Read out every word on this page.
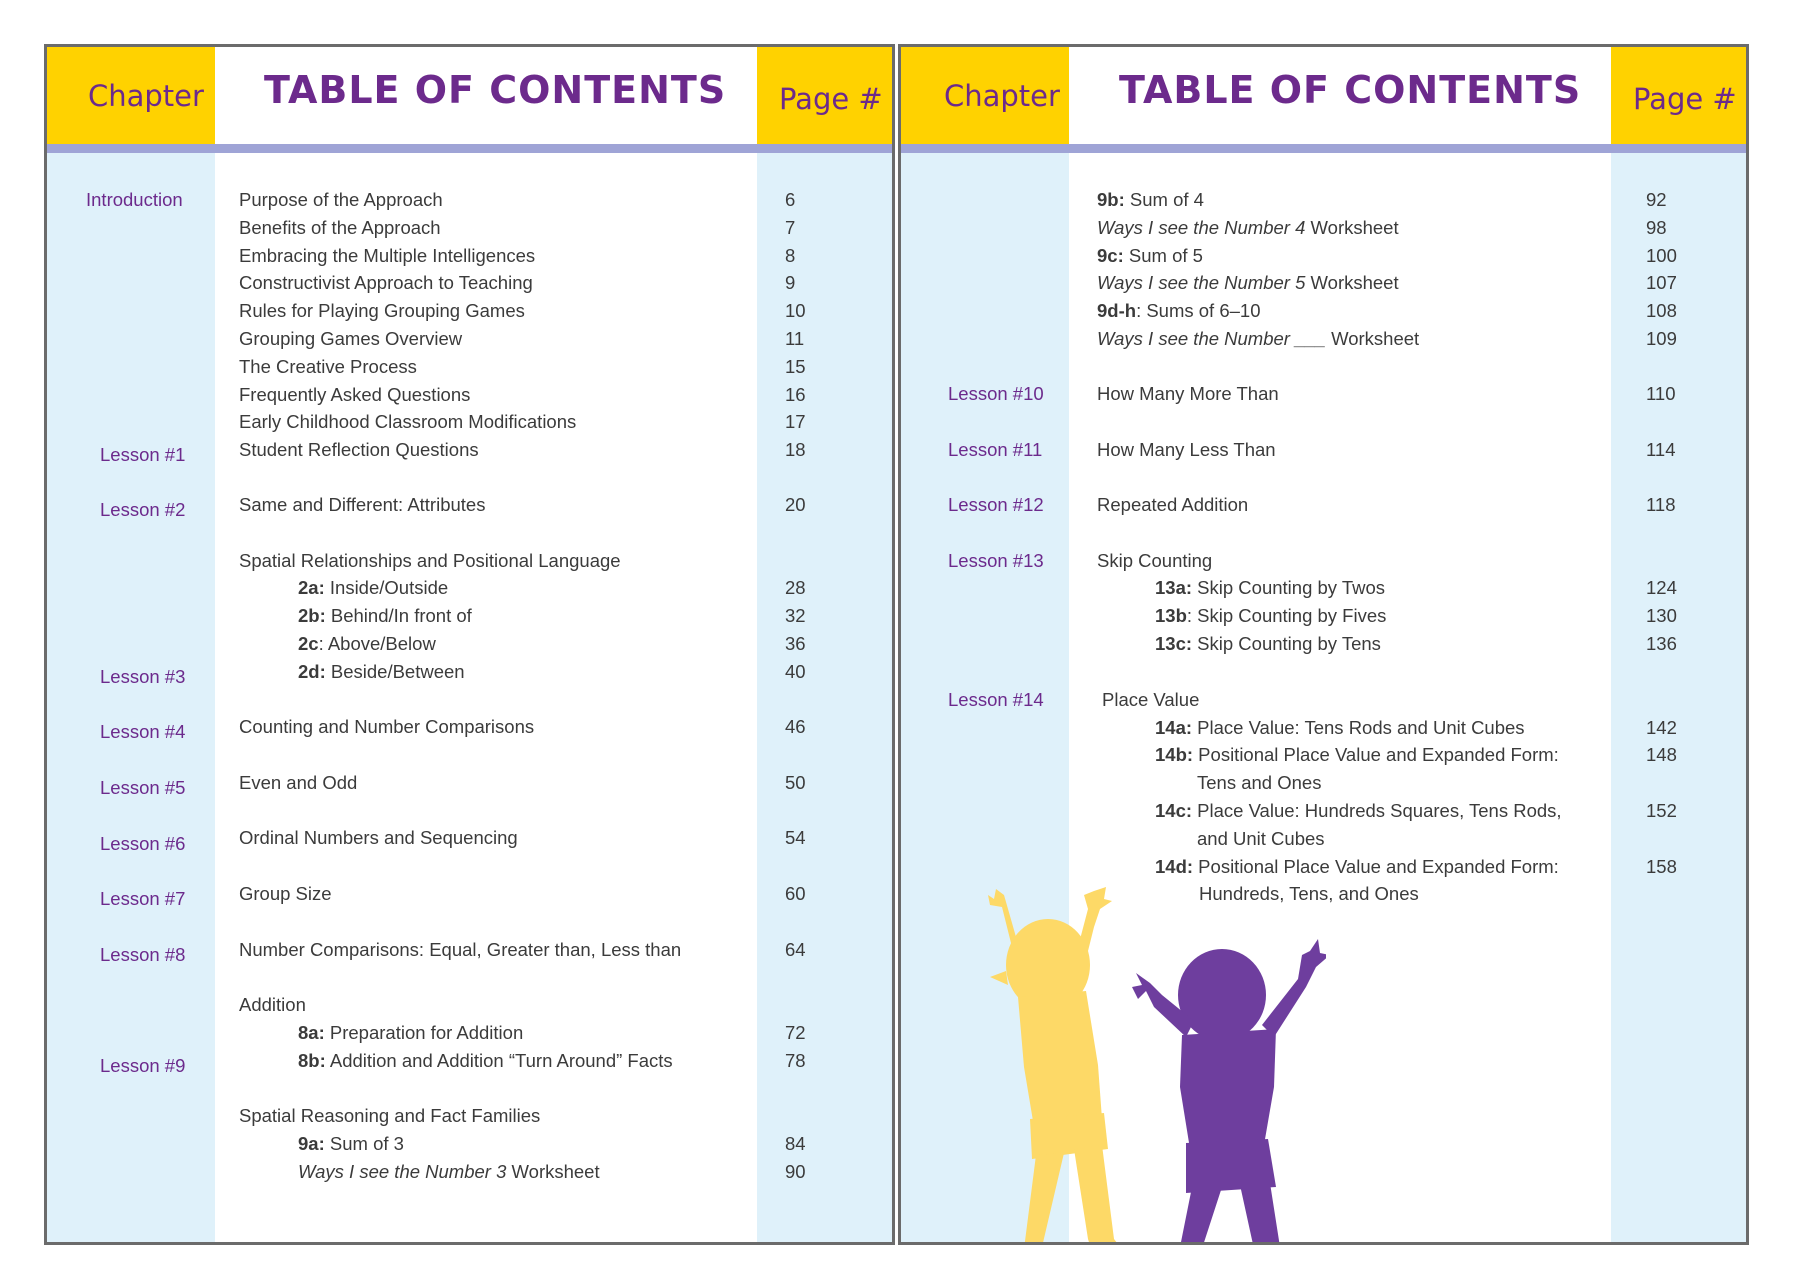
Chapter TABLE OF CONTENTS Page #
Introduction
Lesson #1
Lesson #2
Lesson #3
Lesson #4
Lesson #5
Lesson #6
Lesson #7
Lesson #8
Lesson #9
Purpose of the Approach
Benefits of the Approach
Embracing the Multiple Intelligences
Constructivist Approach to Teaching
Rules for Playing Grouping Games
Grouping Games Overview
The Creative Process
Frequently Asked Questions
Early Childhood Classroom Modifications
Student Reflection Questions
Same and Different: Attributes
Spatial Relationships and Positional Language
2a: Inside/Outside
2b: Behind/In front of
2c: Above/Below
2d: Beside/Between
Counting and Number Comparisons
Even and Odd
Ordinal Numbers and Sequencing
Group Size
Number Comparisons: Equal, Greater than, Less than
Addition
8a: Preparation for Addition
8b: Addition and Addition “Turn Around” Facts
Spatial Reasoning and Fact Families
9a: Sum of 3
Ways I see the Number 3 Worksheet
6
7
8
9
10
11
15
16
17
18
20
28
32
36
40
46
50
54
60
64
72
78
84
90
Chapter TABLE OF CONTENTS Page #
Lesson #10
Lesson #11
Lesson #12
Lesson #13
Lesson #14
9b: Sum of 4
Ways I see the Number 4 Worksheet
9c: Sum of 5
Ways I see the Number 5 Worksheet
9d-h: Sums of 6–10
Ways I see the Number ___ Worksheet
How Many More Than
How Many Less Than
Repeated Addition
Skip Counting
13a: Skip Counting by Twos
13b: Skip Counting by Fives
13c: Skip Counting by Tens
Place Value
14a: Place Value: Tens Rods and Unit Cubes
14b: Positional Place Value and Expanded Form:
Tens and Ones
14c: Place Value: Hundreds Squares, Tens Rods,
and Unit Cubes
14d: Positional Place Value and Expanded Form:
Hundreds, Tens, and Ones
92
98
100
107
108
109
110
114
118
124
130
136
142
148
152
158
